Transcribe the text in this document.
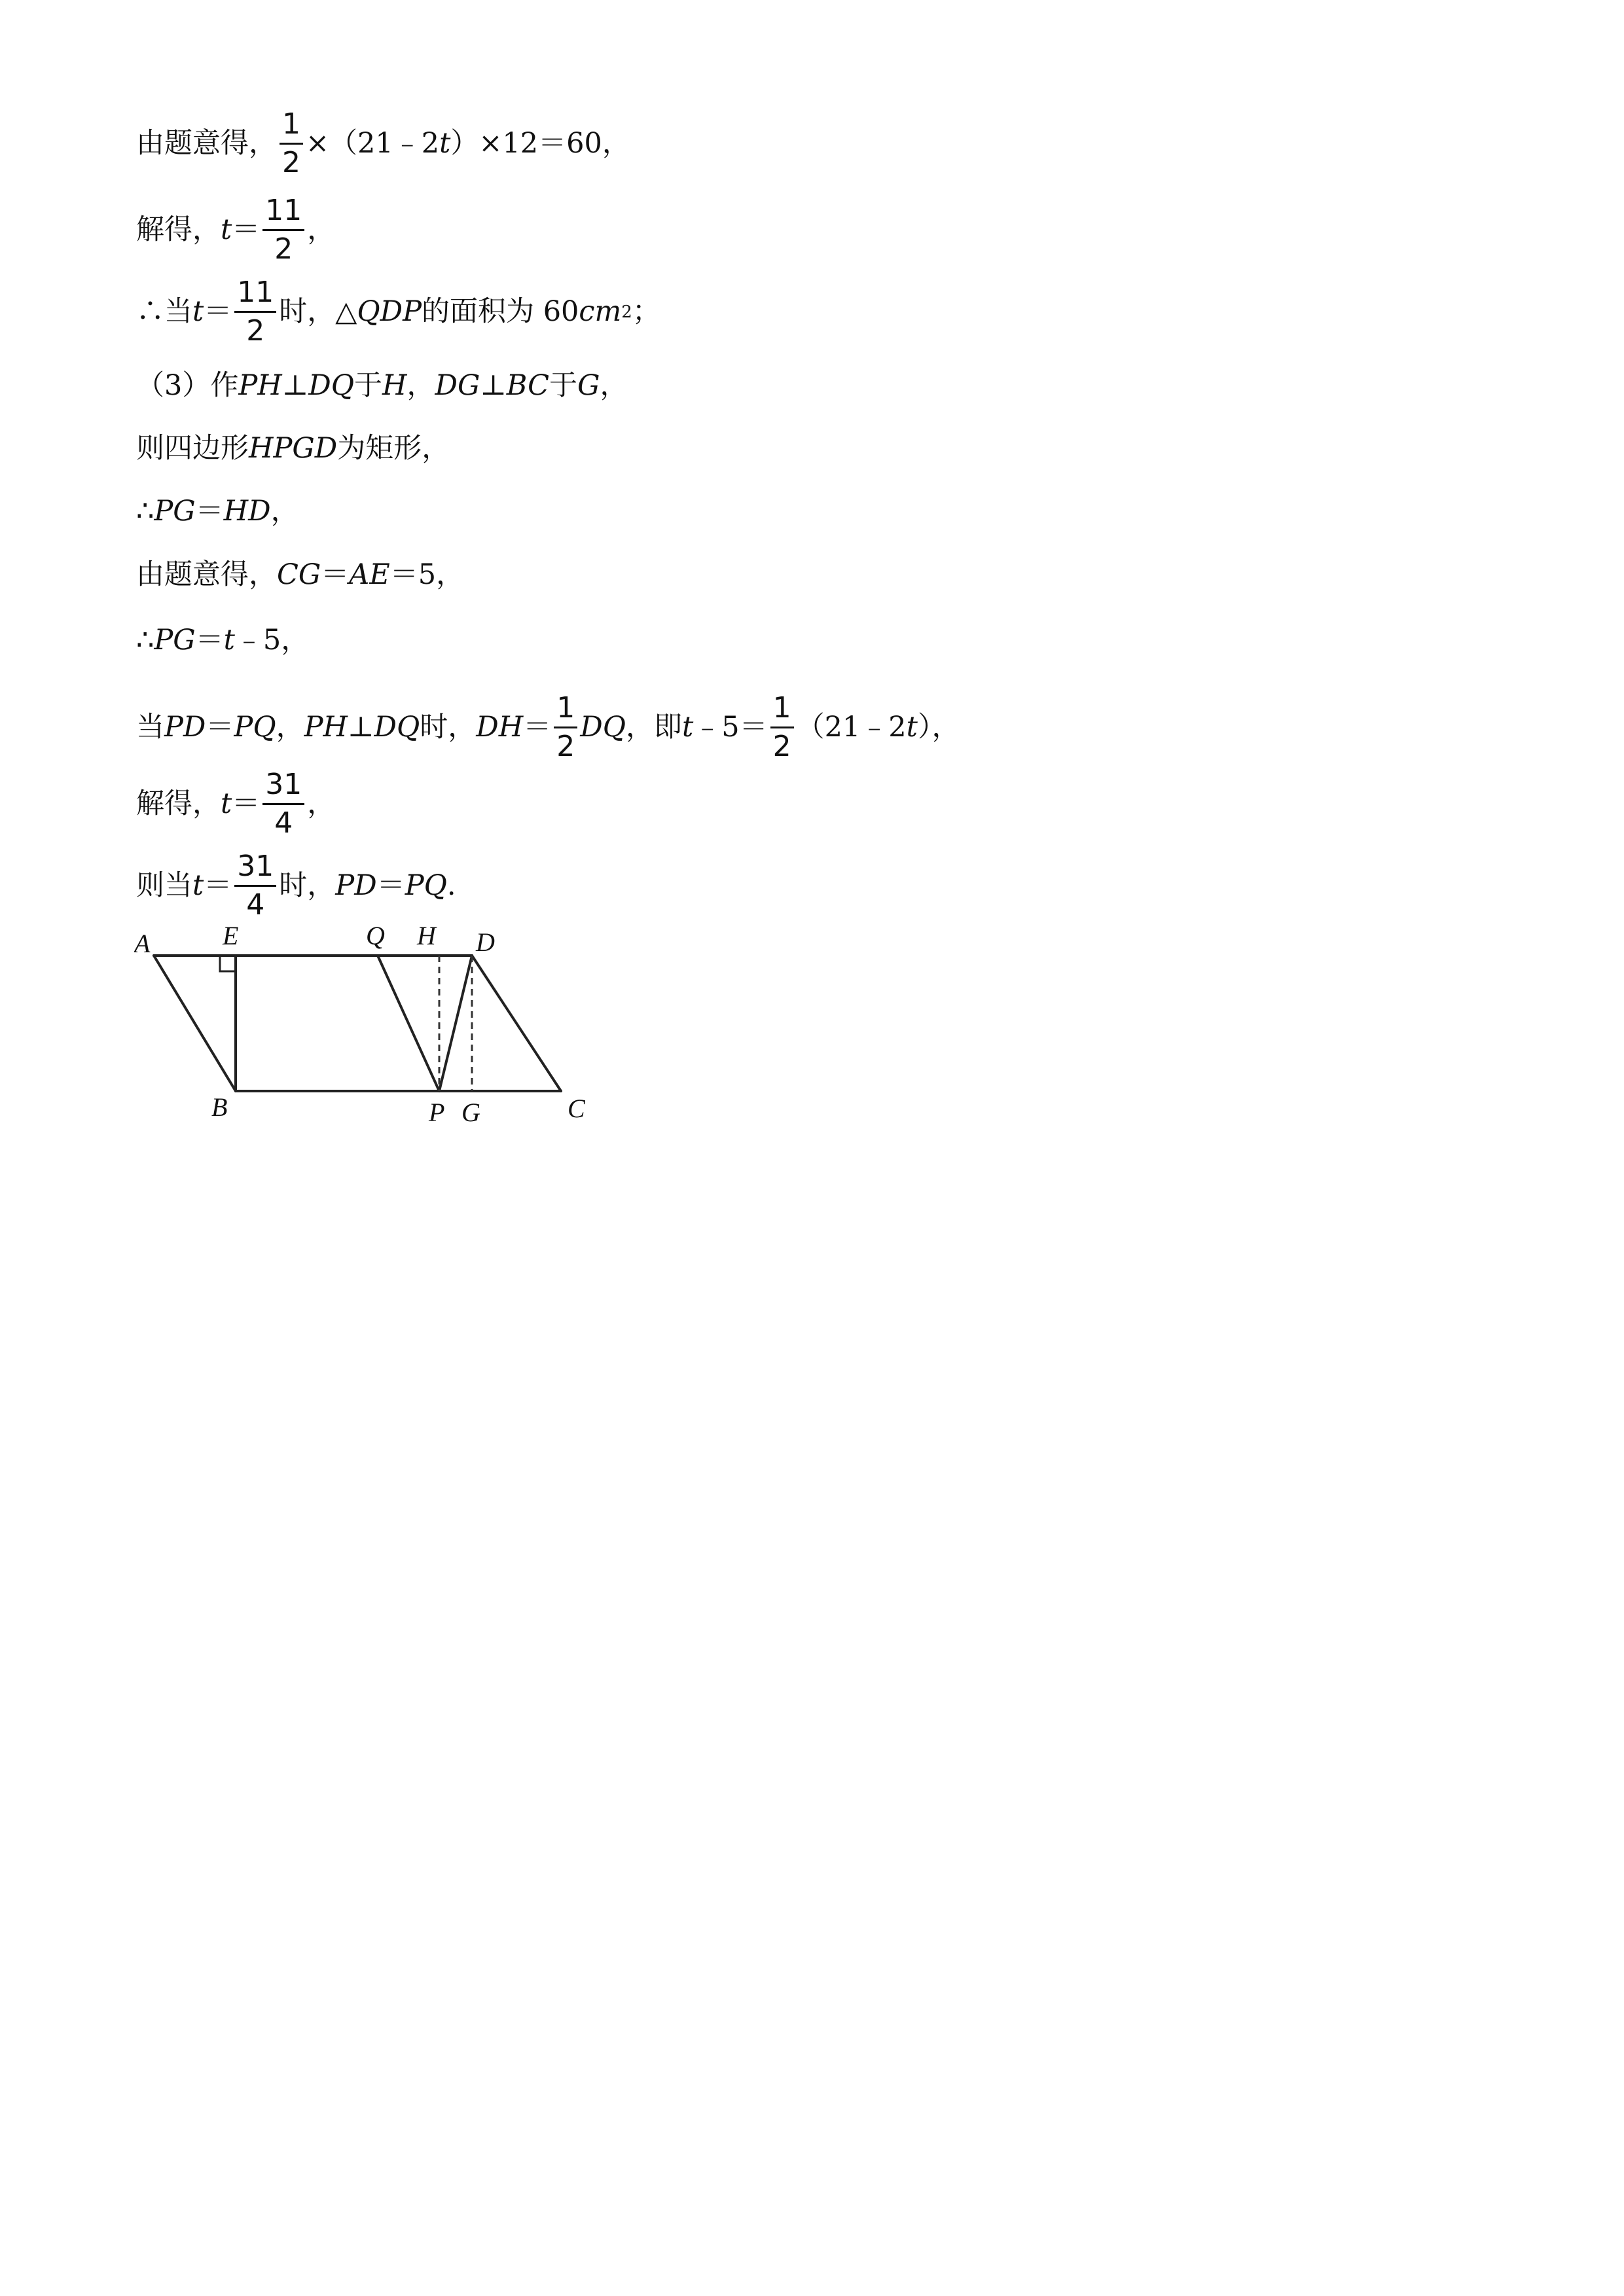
由题意得， $\frac{1}{2}$ ×（21﹣2 t ）×12＝60，
解得， $t = \frac{11}{2}$ ，
∴当 $t = \frac{11}{2}$ 时，△ QDP 的面积为 60 cm 2 ；
（3）作 PH ⊥ DQ 于 H ， DG ⊥ BC 于 G ，
则四边形 HPGD 为矩形，
∴ PG ＝ HD ，
由题意得， CG ＝ AE ＝5，
∴ PG ＝ t ﹣5，
当 PD ＝ PQ ， PH ⊥ DQ 时， DH ＝ $\frac{1}{2}$ DQ ，即 t ﹣5＝ $\frac{1}{2}$ （21﹣2 t ），
解得， $t = \frac{31}{4}$ ，
则当 $t = \frac{31}{4}$ 时， PD ＝ PQ .
A	E	Q H D
B	P G	C
